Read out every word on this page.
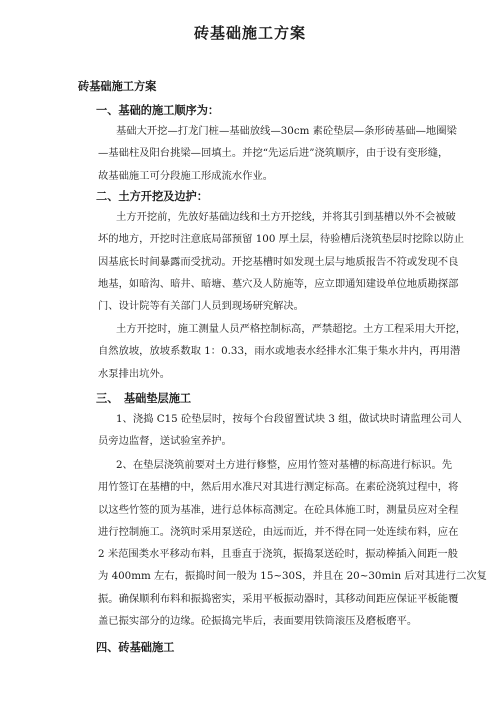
砖基础施工方案
砖基础施工方案
一、基础的施工顺序为：
基础大开挖—打龙门桩—基础放线—30cm 素砼垫层—条形砖基础—地圈梁
—基础柱及阳台挑梁—回填土。并挖“先运后进”浇筑顺序，由于设有变形缝，
故基础施工可分段施工形成流水作业。
二、土方开挖及边护：
土方开挖前，先放好基础边线和土方开挖线，并将其引到基槽以外不会被破
坏的地方，开挖时注意底局部预留 100 厚土层，待验槽后浇筑垫层时挖除以防止
因基底长时间暴露而受扰动。开挖基槽时如发现土层与地质报告不符或发现不良
地基，如暗沟、暗井、暗塘、墓穴及人防施等，应立即通知建设单位地质勘探部
门、设计院等有关部门人员到现场研究解决。
土方开挖时，施工测量人员严格控制标高，严禁超挖。土方工程采用大开挖，
自然放坡，放坡系数取 1：0.33，雨水或地表水经排水汇集于集水井内，再用潜
水泵排出坑外。
三、　基础垫层施工
1、浇捣 C15 砼垫层时，按每个台段留置试块 3 组，做试块时请监理公司人
员旁边监督，送试验室养护。
2、在垫层浇筑前要对土方进行修整，应用竹签对基槽的标高进行标识。先
用竹签订在基槽的中，然后用水准尺对其进行测定标高。在素砼浇筑过程中，将
以这些竹签的顶为基准，进行总体标高测定。在砼具体施工时，测量员应对全程
进行控制施工。浇筑时采用泵送砼，由远而近，并不得在同一处连续布料，应在
2 米范围类水平移动布料，且垂直于浇筑，振捣泵送砼时，振动棒插入间距一般
为 400mm 左右，振捣时间一般为 15~30S，并且在 20~30min 后对其进行二次复
振。确保顺利布料和振捣密实，采用平板振动器时，其移动间距应保证平板能覆
盖已振实部分的边缘。砼振捣完毕后，表面要用铁筒滚压及磨板磨平。
四、砖基础施工
